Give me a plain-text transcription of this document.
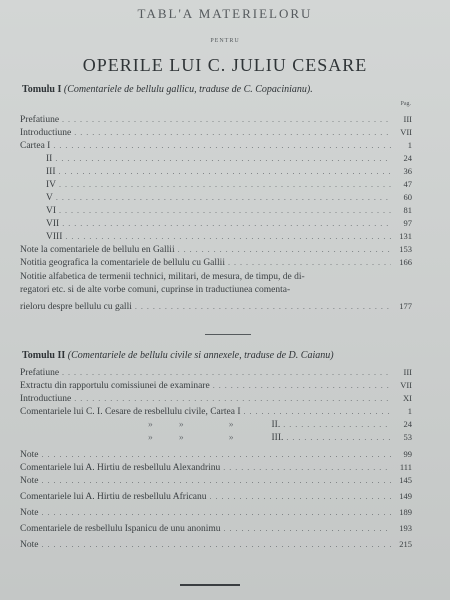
TABL'A MATERIELORU
PENTRU
OPERILE LUI C. JULIU CESARE
Tomulu I (Comentariele de bellulu gallicu, traduse de C. Copacinianu).
Pag.
Prefatiune . . .	III
Introductiune . . .	VII
Cartea I . . .	1
II . . .	24
III . . .	36
IV . . .	47
V . . .	60
VI . . .	81
VII . . .	97
VIII . . .	131
Note la comentariele de bellulu en Gallii . . .	153
Notitia geografica la comentariele de bellulu cu Gallii . . .	166
Notitie alfabetica de termenii technici, militari, de mesura, de timpu, de di-
regatori etc. si de alte vorbe comuni, cuprinse in traductiunea comenta-
rieloru despre bellulu cu galli . . .	177
Tomulu II (Comentariele de bellulu civile si annexele, traduse de D. Caianu)
Prefatiune . . .	III
Extractu din rapportulu comissiunei de examinare . . .	VII
Introductiune . . .	XI
Comentariele lui C. I. Cesare de resbellulu civile, Cartea I . . .	1
»           »                   »	II. . . .	24
»           »                   »	III. . . .	53
Note . . .	99
Comentariele lui A. Hirtiu de resbellulu Alexandrinu . . .	111
Note . . .	145
Comentariele lui A. Hirtiu de resbellulu Africanu . . .	149
Note . . .	189
Comentariele de resbellulu Ispanicu de unu anonimu . . .	193
Note . . .	215
